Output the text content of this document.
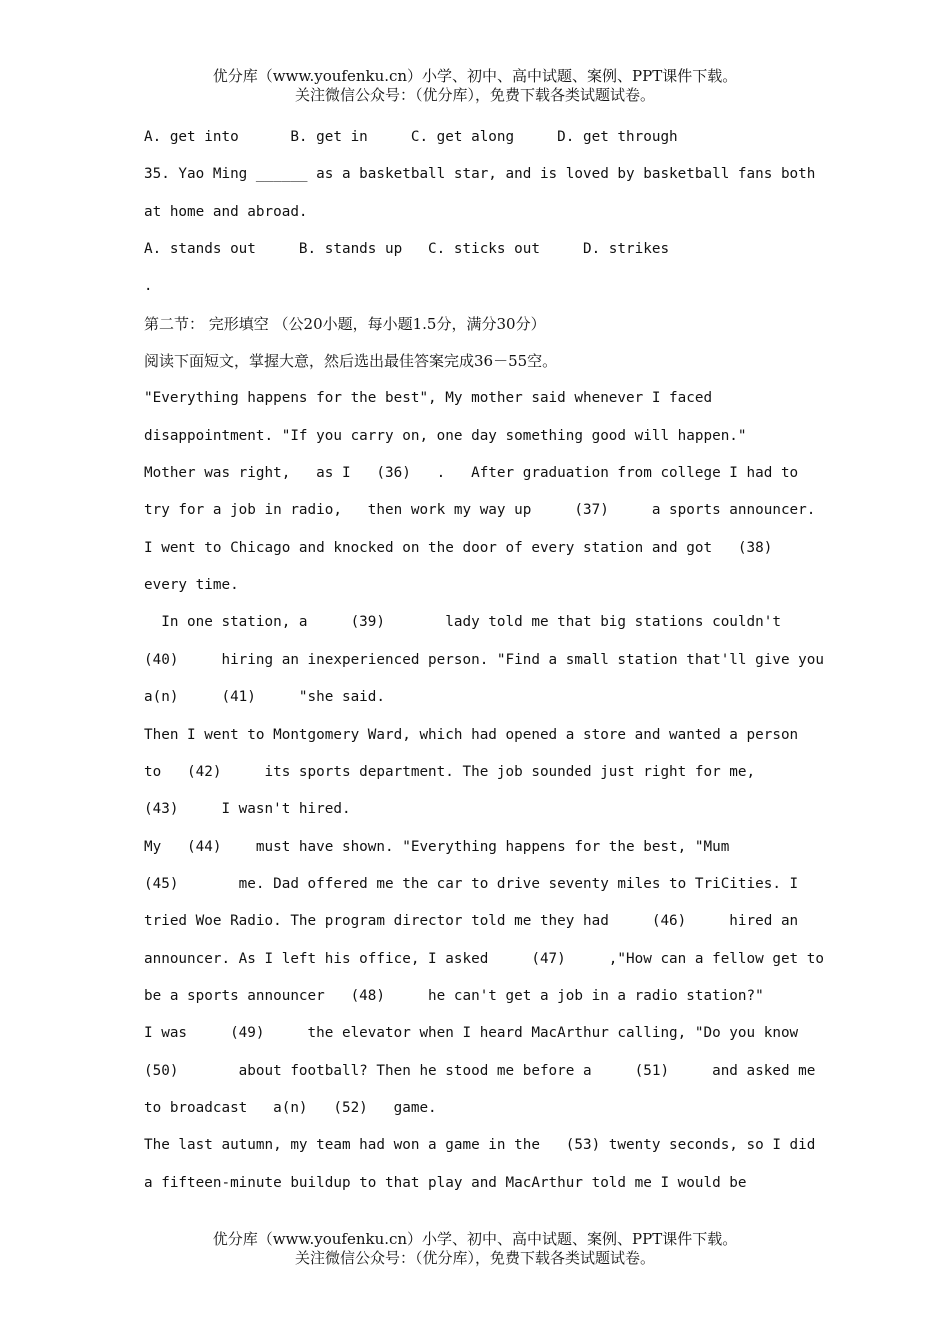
优分库（www.youfenku.cn）小学、初中、高中试题、案例、PPT课件下载。
关注微信公众号：（优分库），免费下载各类试题试卷。
A. get into      B. get in     C. get along     D. get through
35. Yao Ming ______ as a basketball star, and is loved by basketball fans both
at home and abroad.
A. stands out     B. stands up   C. sticks out     D. strikes
.
第二节： 完形填空 （公20小题，每小题1.5分，满分30分）
阅读下面短文，掌握大意，然后选出最佳答案完成36－55空。
"Everything happens for the best", My mother said whenever I faced
disappointment. "If you carry on, one day something good will happen."
Mother was right,   as I   (36)   .   After graduation from college I had to
try for a job in radio,   then work my way up     (37)     a sports announcer.
I went to Chicago and knocked on the door of every station and got   (38)
every time.
In one station, a     (39)       lady told me that big stations couldn't
(40)     hiring an inexperienced person. "Find a small station that'll give you
a(n)     (41)     "she said.
Then I went to Montgomery Ward, which had opened a store and wanted a person
to   (42)     its sports department. The job sounded just right for me,
(43)     I wasn't hired.
My   (44)    must have shown. "Everything happens for the best, "Mum
(45)       me. Dad offered me the car to drive seventy miles to TriCities. I
tried Woe Radio. The program director told me they had     (46)     hired an
announcer. As I left his office, I asked     (47)     ,"How can a fellow get to
be a sports announcer   (48)     he can't get a job in a radio station?"
I was     (49)     the elevator when I heard MacArthur calling, "Do you know
(50)       about football? Then he stood me before a     (51)     and asked me
to broadcast   a(n)   (52)   game.
The last autumn, my team had won a game in the   (53) twenty seconds, so I did
a fifteen-minute buildup to that play and MacArthur told me I would be
优分库（www.youfenku.cn）小学、初中、高中试题、案例、PPT课件下载。
关注微信公众号：（优分库），免费下载各类试题试卷。
